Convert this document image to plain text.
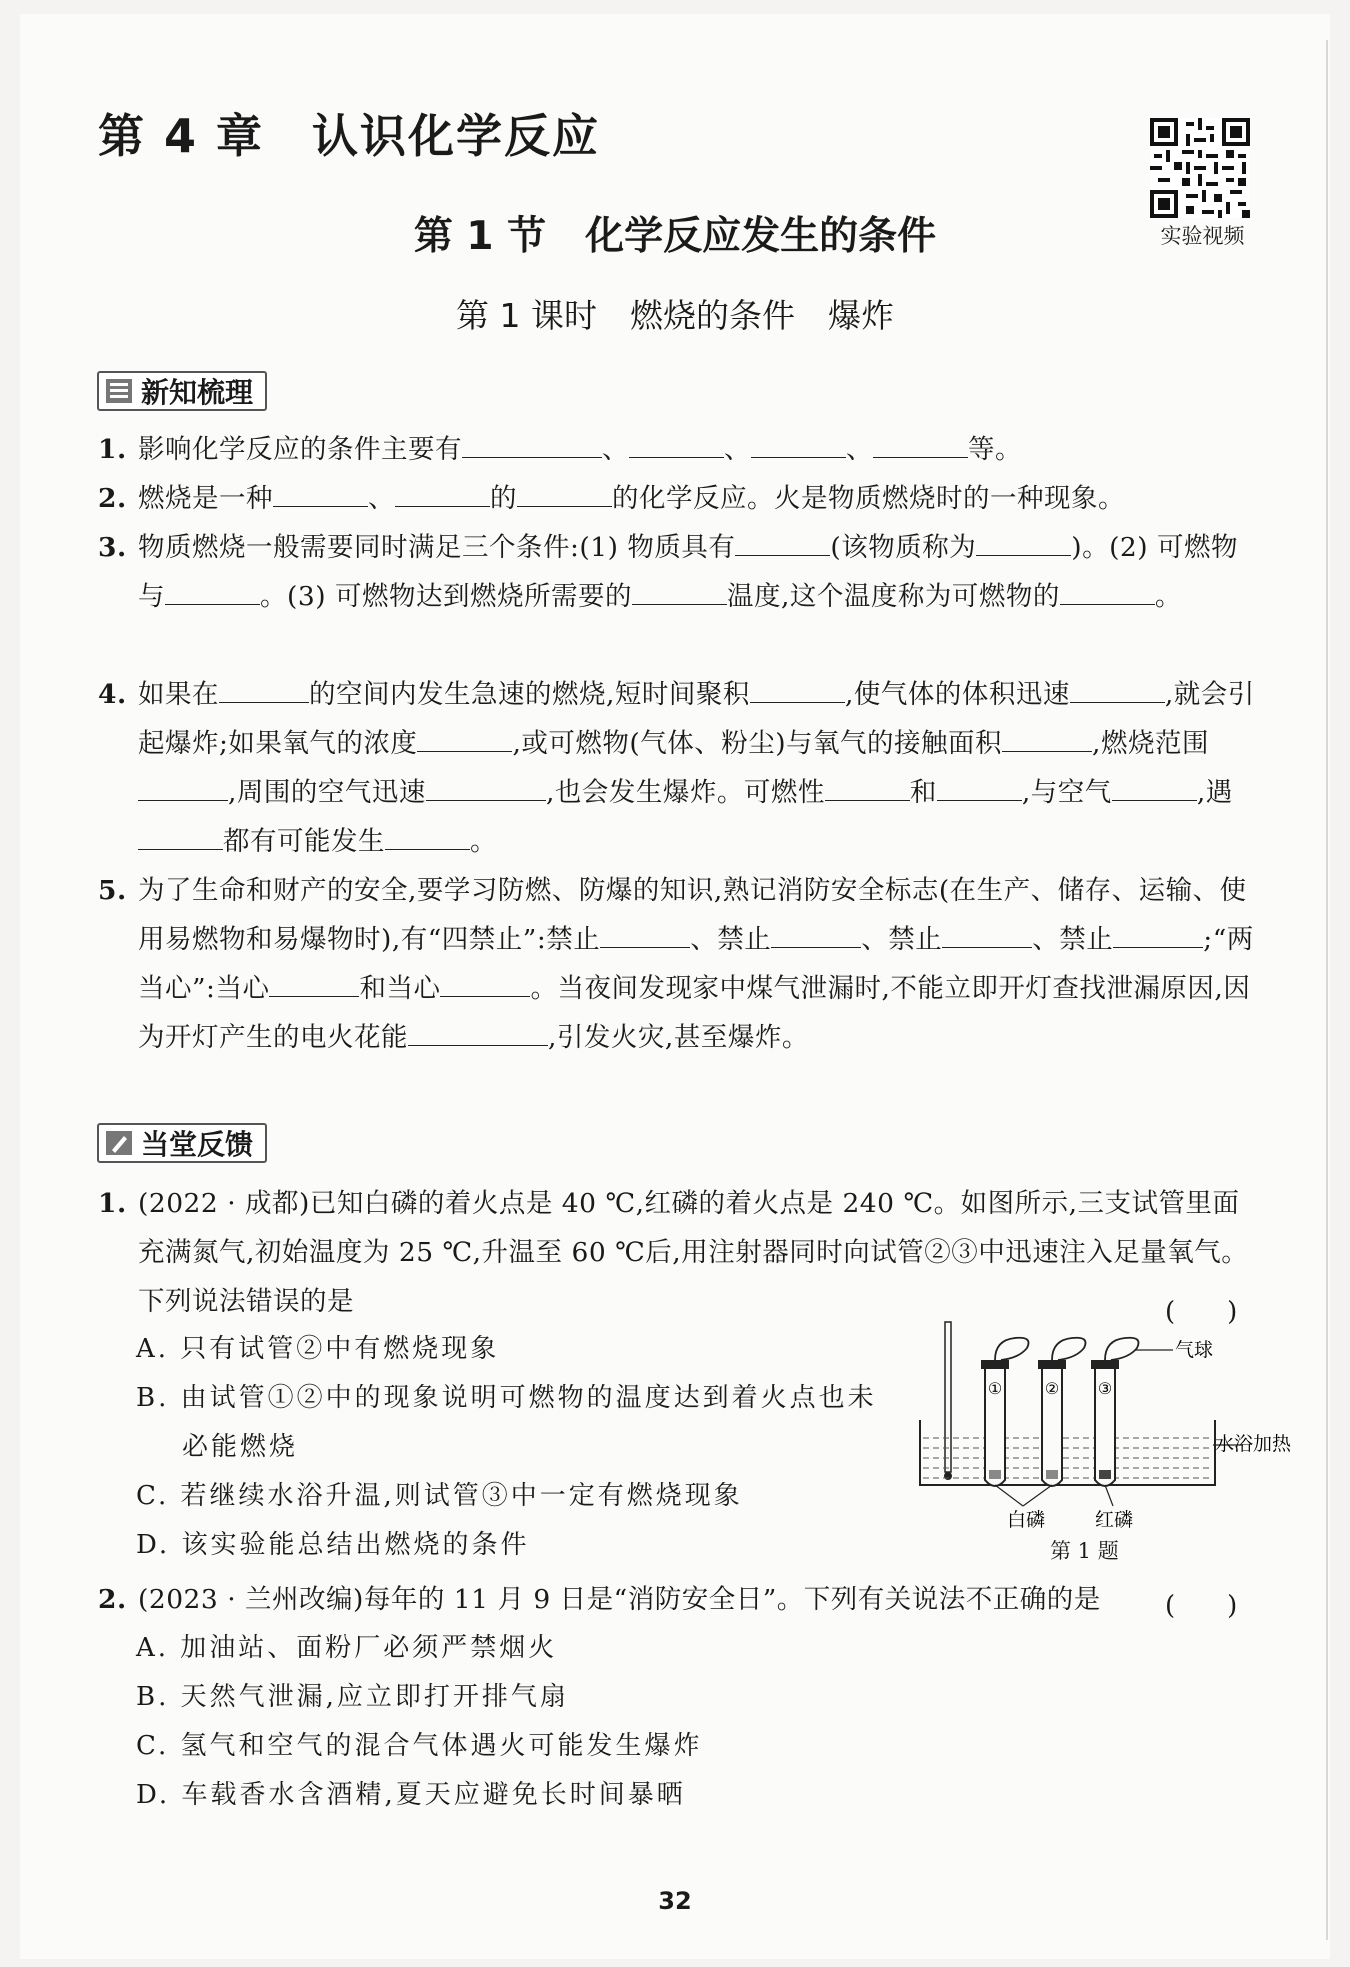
第 4 章　认识化学反应
实验视频
第 1 节　化学反应发生的条件
第 1 课时　燃烧的条件　爆炸
新知梳理
1. 影响化学反应的条件主要有	、	、	、	等。
2. 燃烧是一种	、	的	的化学反应。火是物质燃烧时的一种现象。
3. 物质燃烧一般需要同时满足三个条件:(1) 物质具有	(该物质称为	)。(2) 可燃物与	。(3) 可燃物达到燃烧所需要的	温度,这个温度称为可燃物的	。
4. 如果在	的空间内发生急速的燃烧,短时间聚积	,使气体的体积迅速	,就会引起爆炸;如果氧气的浓度	,或可燃物(气体、粉尘)与氧气的接触面积	,燃烧范围,周围的空气迅速	,也会发生爆炸。可燃性	和	,与空气	,遇都有可能发生	。
5. 为了生命和财产的安全,要学习防燃、防爆的知识,熟记消防安全标志(在生产、储存、运输、使用易燃物和易爆物时),有“四禁止”:禁止	、禁止	、禁止	、禁止	;“两当心”:当心	和当心	。当夜间发现家中煤气泄漏时,不能立即开灯查找泄漏原因,因为开灯产生的电火花能	,引发火灾,甚至爆炸。
当堂反馈
1. (2022 · 成都)已知白磷的着火点是 40 ℃,红磷的着火点是 240 ℃。如图所示,三支试管里面充满氮气,初始温度为 25 ℃,升温至 60 ℃后,用注射器同时向试管②③中迅速注入足量氧气。下列说法错误的是	(　　)
A. 只有试管②中有燃烧现象
B. 由试管①②中的现象说明可燃物的温度达到着火点也未
必能燃烧
C. 若继续水浴升温,则试管③中一定有燃烧现象
D. 该实验能总结出燃烧的条件
①	② ③
气球
水浴加热
白磷	红磷
第 1 题
2. (2023 · 兰州改编)每年的 11 月 9 日是“消防安全日”。下列有关说法不正确的是	(　　)
A. 加油站、面粉厂必须严禁烟火
B. 天然气泄漏,应立即打开排气扇
C. 氢气和空气的混合气体遇火可能发生爆炸
D. 车载香水含酒精,夏天应避免长时间暴晒
32
